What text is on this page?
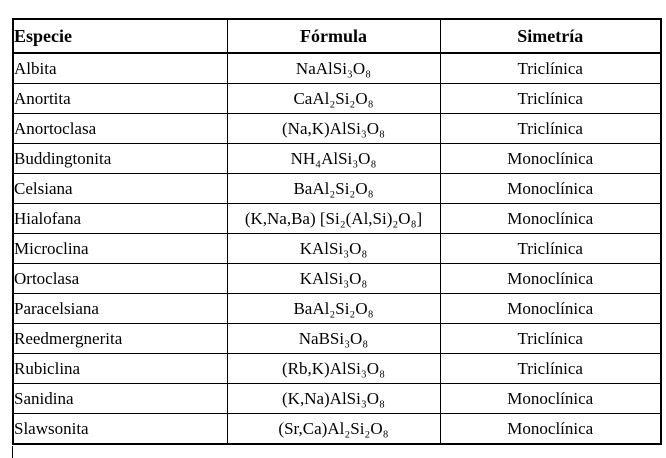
Especie	Fórmula	Simetría
Albita	NaAlSi₃O₈	Triclínica
Anortita	CaAl₂Si₂O₈	Triclínica
Anortoclasa	(Na,K)AlSi₃O₈	Triclínica
Buddingtonita	NH₄AlSi₃O₈	Monoclínica
Celsiana	BaAl₂Si₂O₈	Monoclínica
Hialofana	(K,Na,Ba) [Si₂(Al,Si)₂O₈]	Monoclínica
Microclina	KAlSi₃O₈	Triclínica
Ortoclasa	KAlSi₃O₈	Monoclínica
Paracelsiana	BaAl₂Si₂O₈	Monoclínica
Reedmergnerita	NaBSi₃O₈	Triclínica
Rubiclina	(Rb,K)AlSi₃O₈	Triclínica
Sanidina	(K,Na)AlSi₃O₈	Monoclínica
Slawsonita	(Sr,Ca)Al₂Si₂O₈	Monoclínica
